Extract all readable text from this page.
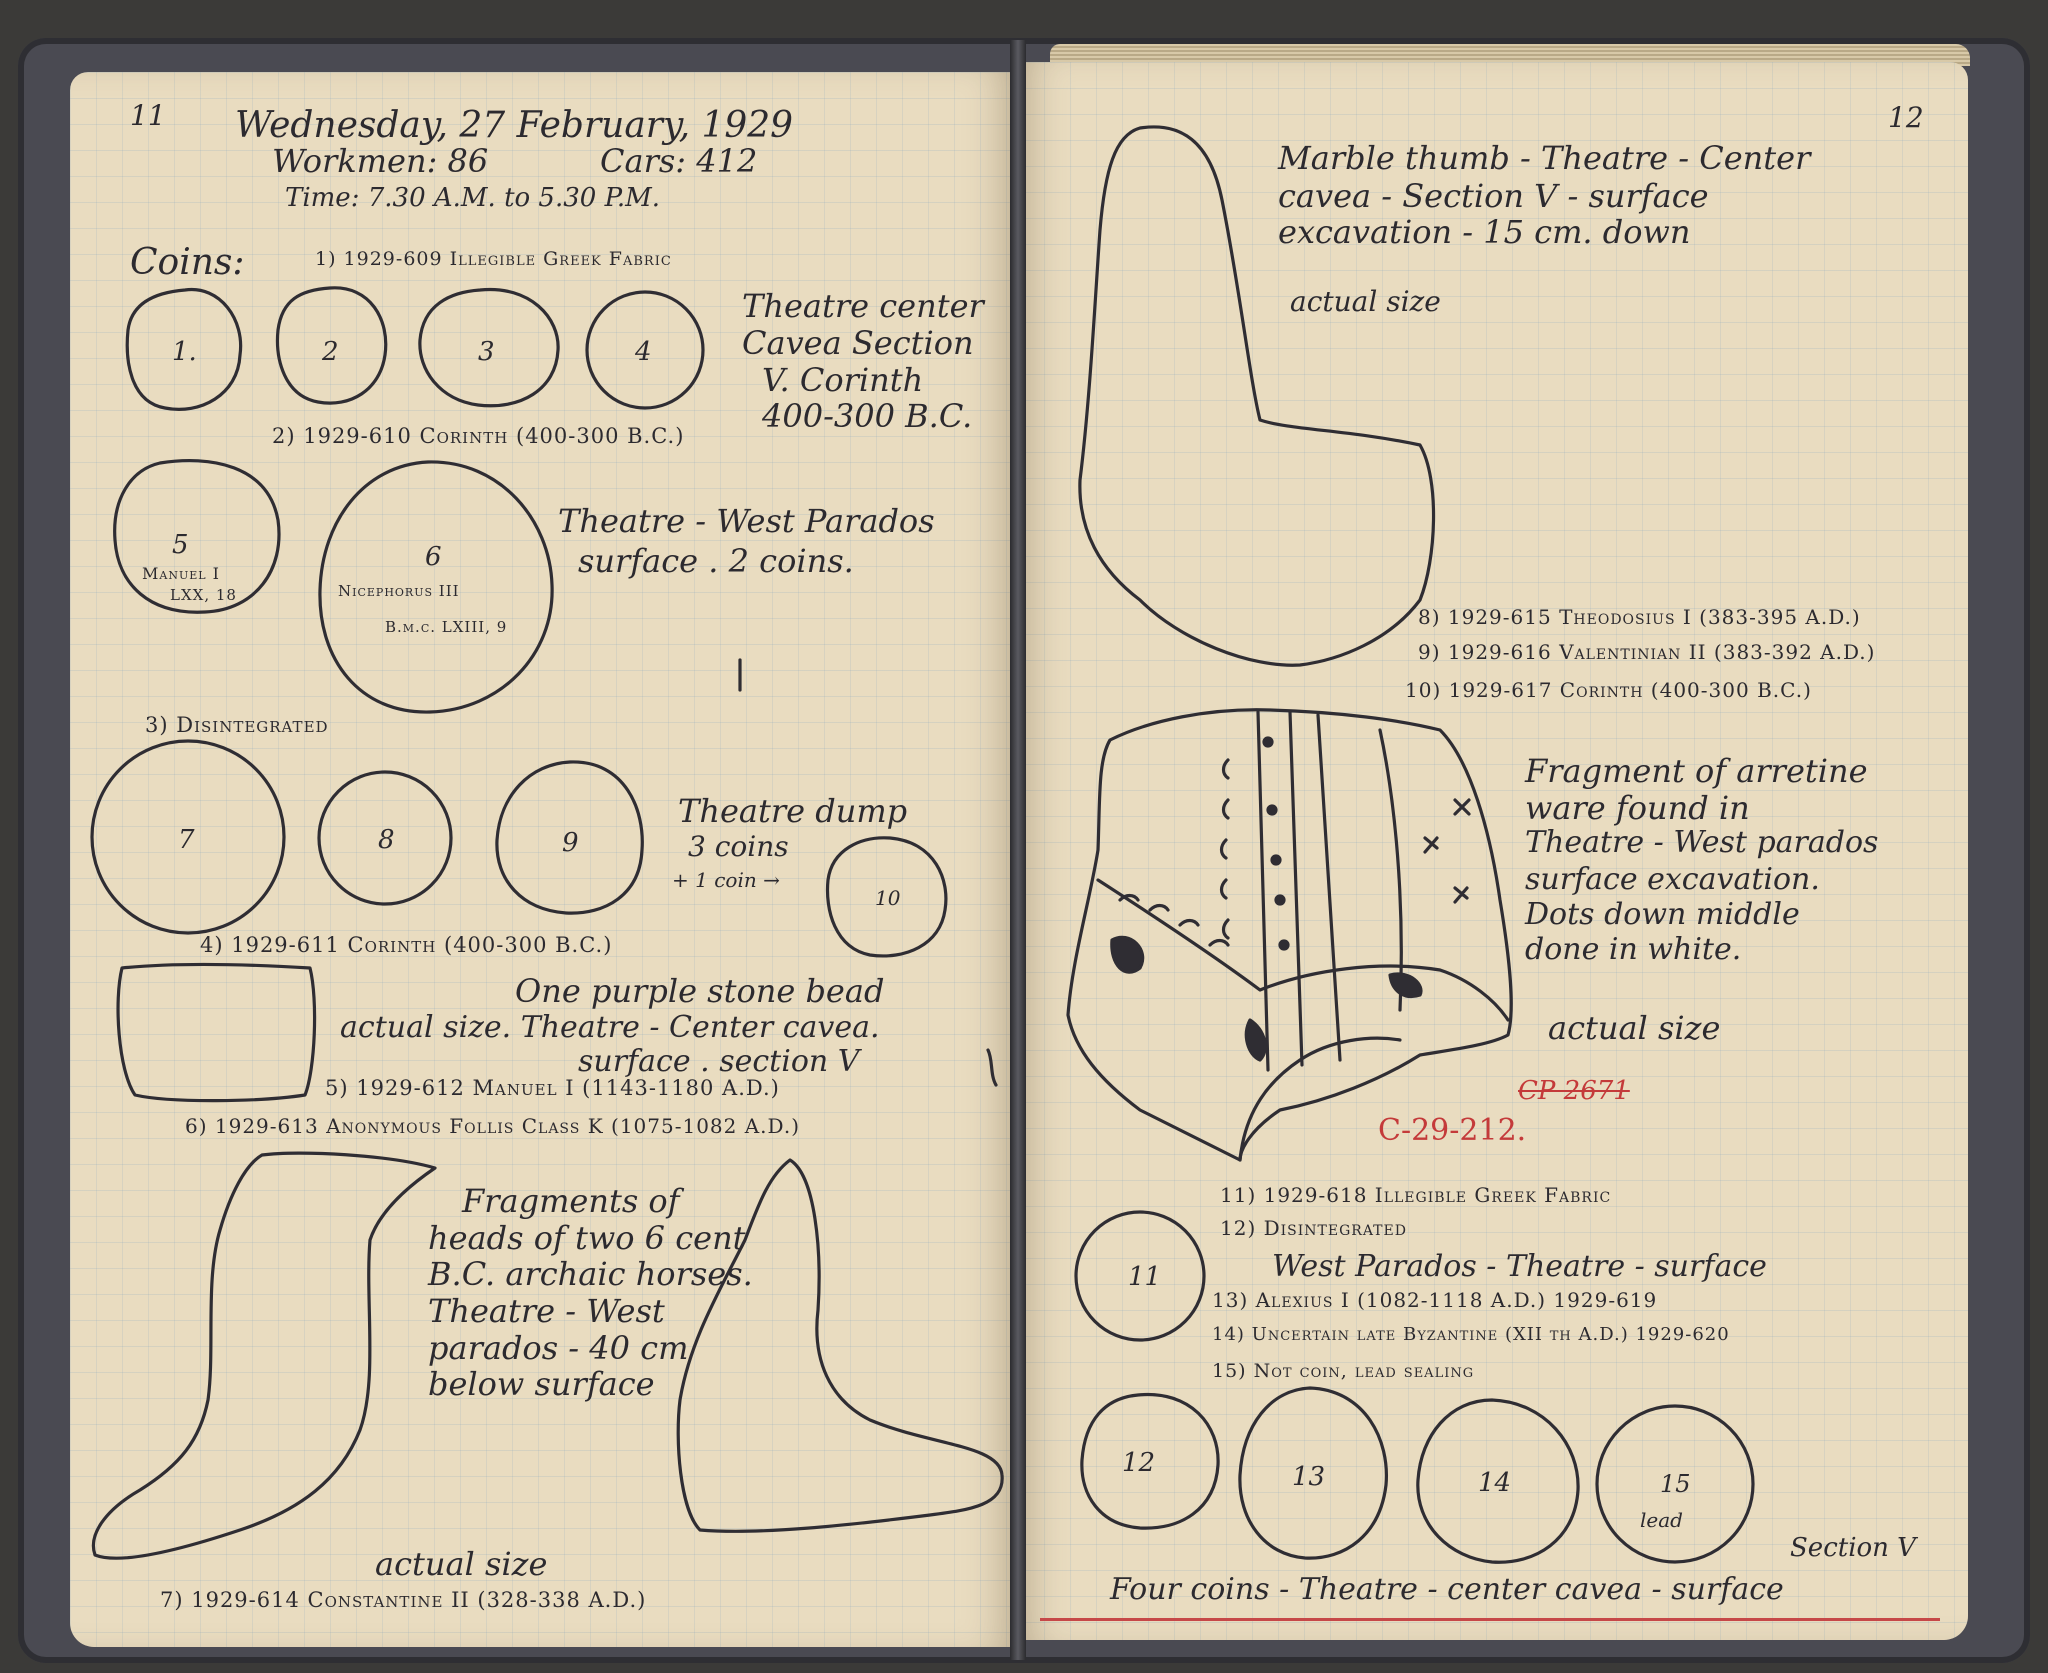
11 Wednesday, 27 February, 1929
Workmen: 86	Cars: 412
Time: 7.30 A.M. to 5.30 P.M.
Coins:	1) 1929-609 Illegible Greek Fabric
1.	2	3	4
Theatre center
Cavea Section
V. Corinth
400-300 B.C.
2) 1929-610 Corinth (400-300 B.C.)
5
Manuel I
LXX, 18
6
Nicephorus III
B.m.c. LXIII, 9
Theatre - West Parados
surface . 2 coins.
3) Disintegrated
7	8	9
10
Theatre dump
3 coins
+ 1 coin →
4) 1929-611 Corinth (400-300 B.C.)
One purple stone bead
actual size. Theatre - Center cavea.
surface . section V
5) 1929-612 Manuel I (1143-1180 A.D.)
6) 1929-613 Anonymous Follis Class K (1075-1082 A.D.)
Fragments of
heads of two 6 cent
B.C. archaic horses.
Theatre - West
parados - 40 cm
below surface
actual size
7) 1929-614 Constantine II (328-338 A.D.)
12
Marble thumb - Theatre - Center
cavea - Section V - surface
excavation - 15 cm. down
actual size
8) 1929-615 Theodosius I (383-395 A.D.)
9) 1929-616 Valentinian II (383-392 A.D.)
10) 1929-617 Corinth (400-300 B.C.)
Fragment of arretine
ware found in
Theatre - West parados
surface excavation.
Dots down middle
done in white.
actual size
CP 2671
C-29-212.
11) 1929-618 Illegible Greek Fabric
12) Disintegrated
West Parados - Theatre - surface
13) Alexius I (1082-1118 A.D.) 1929-619
14) Uncertain late Byzantine (XII th A.D.) 1929-620
15) Not coin, lead sealing
11
12	13	14	15
lead
Section V
Four coins - Theatre - center cavea - surface
